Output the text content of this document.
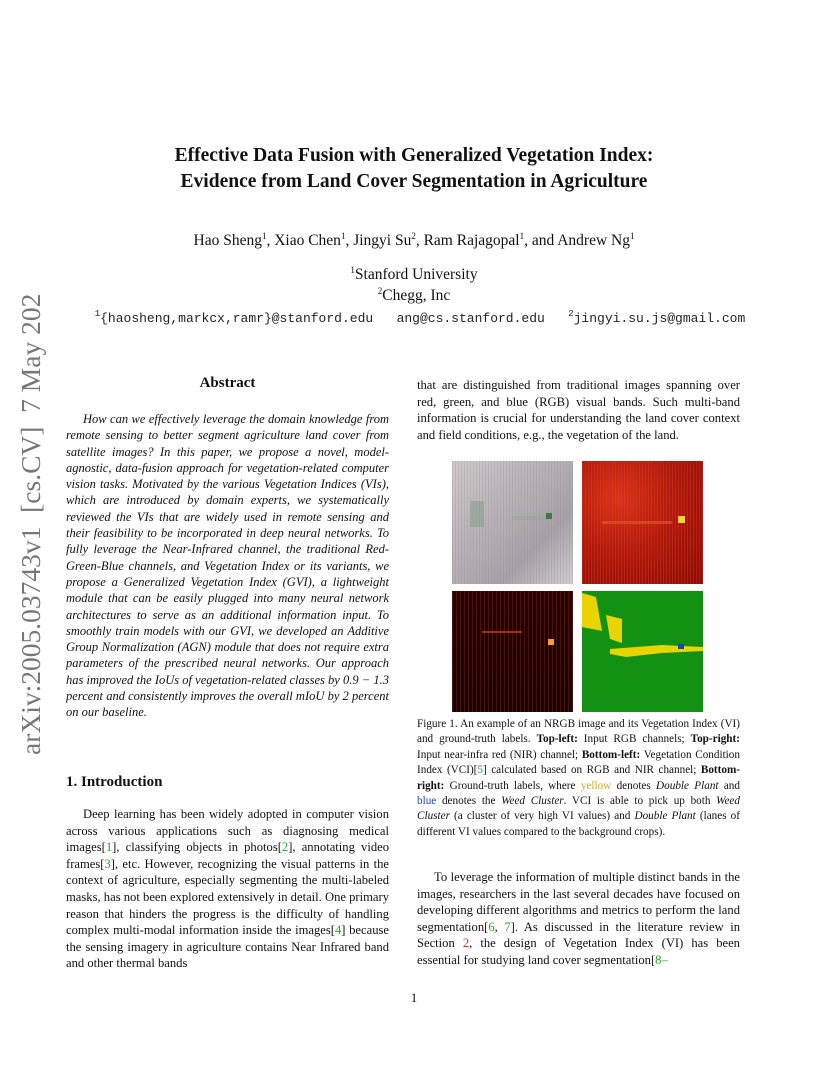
Effective Data Fusion with Generalized Vegetation Index:
Evidence from Land Cover Segmentation in Agriculture
Hao Sheng$^1$, Xiao Chen$^1$, Jingyi Su$^2$, Ram Rajagopal$^1$, and Andrew Ng$^1$
$^1$Stanford University
$^2$Chegg, Inc
$^1${haosheng,markcx,ramr}@stanford.edu ang@cs.stanford.edu	$^2$jingyi.su.js@gmail.com
arXiv:2005.03743v1  [cs.CV]  7 May 2020	Abstract
How can we effectively leverage the domain knowledge from remote sensing to better segment agriculture land cover from satellite images? In this paper, we propose a novel, model-agnostic, data-fusion approach for vegetation-related computer vision tasks. Motivated by the various Vegetation Indices (VIs), which are introduced by domain experts, we systematically reviewed the VIs that are widely used in remote sensing and their feasibility to be incorporated in deep neural networks. To fully leverage the Near-Infrared channel, the traditional Red-Green-Blue channels, and Vegetation Index or its variants, we propose a Generalized Vegetation Index (GVI), a lightweight module that can be easily plugged into many neural network architectures to serve as an additional information input. To smoothly train models with our GVI, we developed an Additive Group Normalization (AGN) module that does not require extra parameters of the prescribed neural networks. Our approach has improved the IoUs of vegetation-related classes by 0.9 − 1.3 percent and consistently improves the overall mIoU by 2 percent on our baseline.
1. Introduction
Deep learning has been widely adopted in computer vision across various applications such as diagnosing medical images[1], classifying objects in photos[2], annotating video frames[3], etc. However, recognizing the visual patterns in the context of agriculture, especially segmenting the multi-labeled masks, has not been explored extensively in detail. One primary reason that hinders the progress is the difficulty of handling complex multi-modal information inside the images[4] because the sensing imagery in agriculture contains Near Infrared band and other thermal bands
that are distinguished from traditional images spanning over red, green, and blue (RGB) visual bands. Such multi-band information is crucial for understanding the land cover context and field conditions, e.g., the vegetation of the land.
Figure 1. An example of an NRGB image and its Vegetation Index (VI) and ground-truth labels. Top-left: Input RGB channels; Top-right: Input near-infra red (NIR) channel; Bottom-left: Vegetation Condition Index (VCI)[5] calculated based on RGB and NIR channel; Bottom-right: Ground-truth labels, where yellow denotes Double Plant and blue denotes the Weed Cluster. VCI is able to pick up both Weed Cluster (a cluster of very high VI values) and Double Plant (lanes of different VI values compared to the background crops).
To leverage the information of multiple distinct bands in the images, researchers in the last several decades have focused on developing different algorithms and metrics to perform the land segmentation[6, 7]. As discussed in the literature review in Section 2, the design of Vegetation Index (VI) has been essential for studying land cover segmentation[8–
1
